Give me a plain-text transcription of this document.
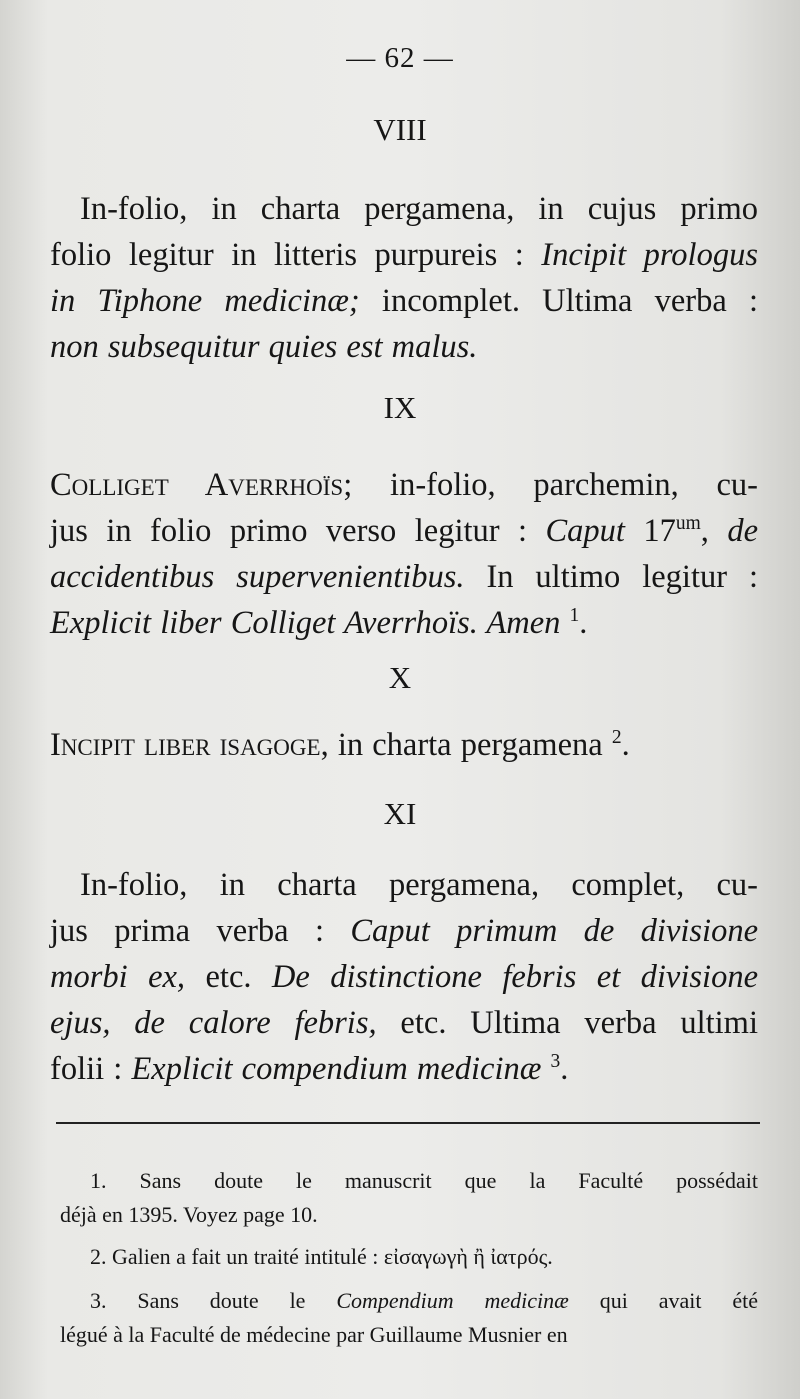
— 62 —
VIII
In-folio, in charta pergamena, in cujus primo
folio legitur in litteris purpureis : Incipit prologus
in Tiphone medicinæ; incomplet. Ultima verba :
non subsequitur quies est malus.
IX
Colliget Averrhoïs; in-folio, parchemin, cu-
jus in folio primo verso legitur : Caput $17^{um}$, de
accidentibus supervenientibus. In ultimo legitur :
Explicit liber Colliget Averrhoïs. Amen $^1$.
X
Incipit liber isagoge, in charta pergamena $^2$.
XI
In-folio, in charta pergamena, complet, cu-
jus prima verba : Caput primum de divisione
morbi ex, etc. De distinctione febris et divisione
ejus, de calore febris, etc. Ultima verba ultimi
folii : Explicit compendium medicinæ $^3$.
1. Sans doute le manuscrit que la Faculté possédait
déjà en 1395. Voyez page 10.
2. Galien a fait un traité intitulé : εἰσαγωγὴ ἢ ἰατρός.
3. Sans doute le Compendium medicinæ qui avait été
légué à la Faculté de médecine par Guillaume Musnier en
